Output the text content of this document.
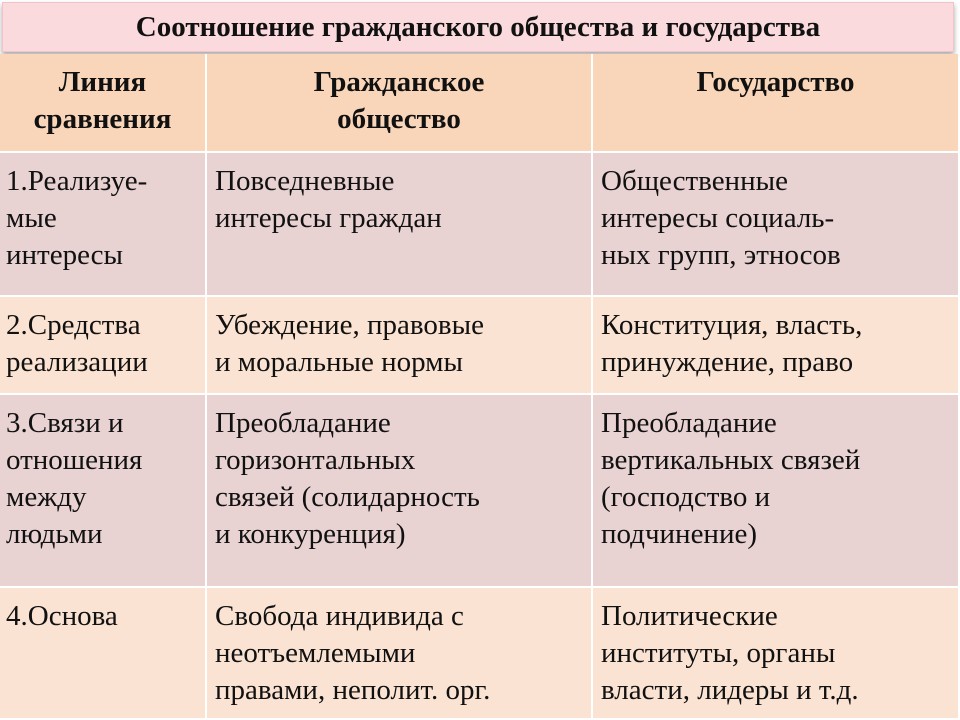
Соотношение гражданского общества и государства
Линия
сравнения
Гражданское
общество
Государство
1.Реализуе-
мые
интересы
Повседневные
интересы граждан
Общественные
интересы социаль-
ных групп, этносов
2.Средства
реализации
Убеждение, правовые
и моральные нормы
Конституция, власть,
принуждение, право
3.Связи и
отношения
между
людьми
Преобладание
горизонтальных
связей (солидарность
и конкуренция)
Преобладание
вертикальных связей
(господство и
подчинение)
4.Основа	Свобода индивида с
неотъемлемыми
правами, неполит. орг.
Политические
институты, органы
власти, лидеры и т.д.
